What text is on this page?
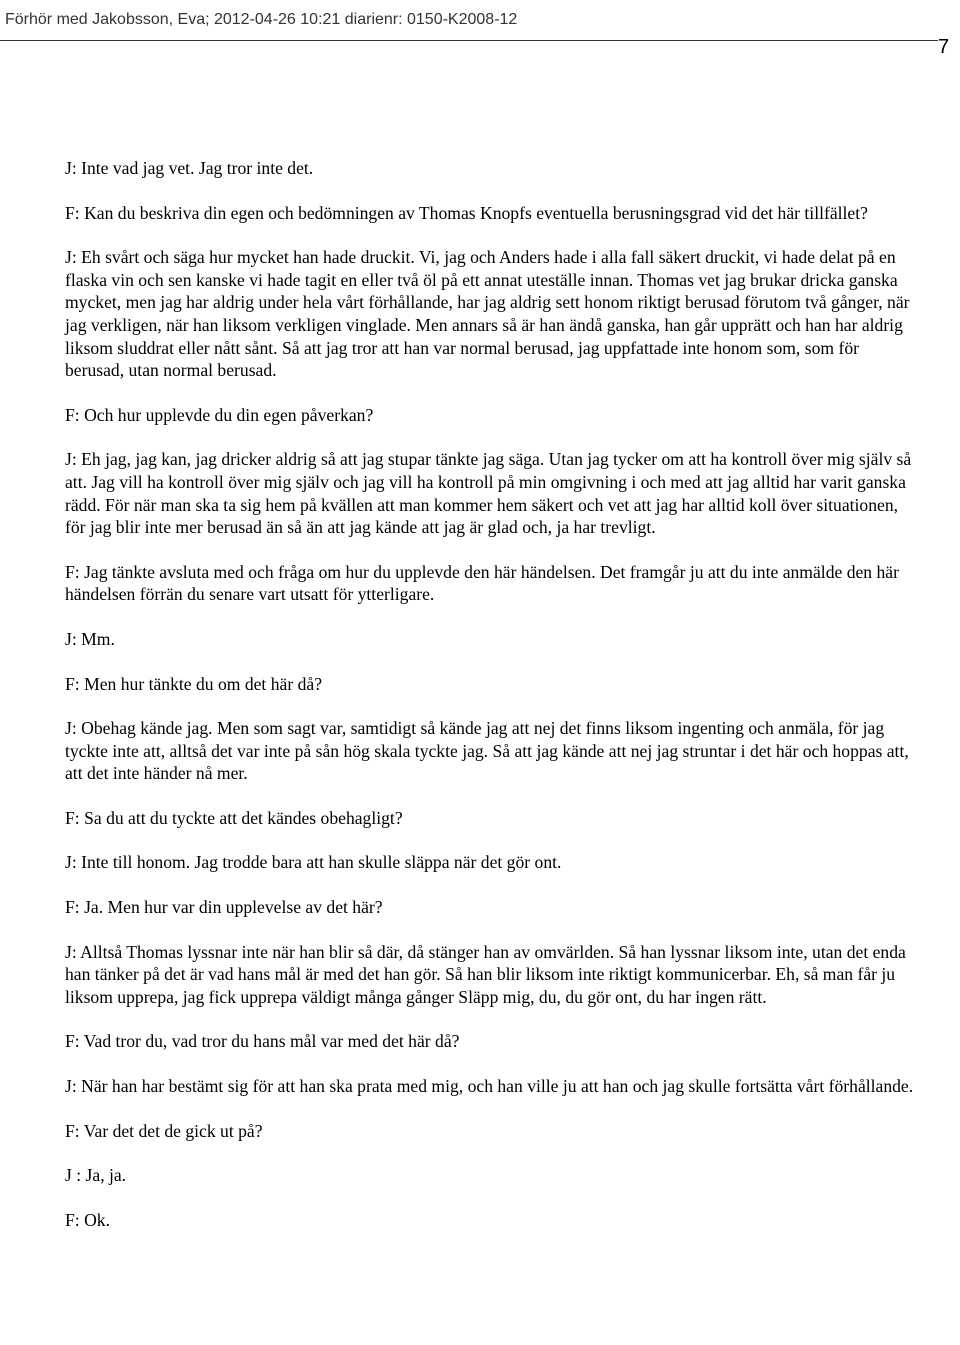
Förhör med Jakobsson, Eva; 2012-04-26 10:21 diarienr: 0150-K2008-12
7

J: Inte vad jag vet. Jag tror inte det.

F: Kan du beskriva din egen och bedömningen av Thomas Knopfs eventuella berusningsgrad vid det här tillfället?

J: Eh svårt och säga hur mycket han hade druckit. Vi, jag och Anders hade i alla fall säkert druckit, vi hade delat på en flaska vin och sen kanske vi hade tagit en eller två öl på ett annat uteställe innan. Thomas vet jag brukar dricka ganska mycket, men jag har aldrig under hela vårt förhållande, har jag aldrig sett honom riktigt berusad förutom två gånger, när jag verkligen, när han liksom verkligen vinglade. Men annars så är han ändå ganska, han går upprätt och han har aldrig liksom sluddrat eller nått sånt. Så att jag tror att han var normal berusad, jag uppfattade inte honom som, som för berusad, utan normal berusad.

F: Och hur upplevde du din egen påverkan?

J: Eh jag, jag kan, jag dricker aldrig så att jag stupar tänkte jag säga. Utan jag tycker om att ha kontroll över mig själv så att. Jag vill ha kontroll över mig själv och jag vill ha kontroll på min omgivning i och med att jag alltid har varit ganska rädd. För när man ska ta sig hem på kvällen att man kommer hem säkert och vet att jag har alltid koll över situationen, för jag blir inte mer berusad än så än att jag kände att jag är glad och, ja har trevligt.

F: Jag tänkte avsluta med och fråga om hur du upplevde den här händelsen. Det framgår ju att du inte anmälde den här händelsen förrän du senare vart utsatt för ytterligare.

J: Mm.

F: Men hur tänkte du om det här då?

J: Obehag kände jag. Men som sagt var, samtidigt så kände jag att nej det finns liksom ingenting och anmäla, för jag tyckte inte att, alltså det var inte på sån hög skala tyckte jag. Så att jag kände att nej jag struntar i det här och hoppas att, att det inte händer nå mer.

F: Sa du att du tyckte att det kändes obehagligt?

J: Inte till honom. Jag trodde bara att han skulle släppa när det gör ont.

F: Ja. Men hur var din upplevelse av det här?

J: Alltså Thomas lyssnar inte när han blir så där, då stänger han av omvärlden. Så han lyssnar liksom inte, utan det enda han tänker på det är vad hans mål är med det han gör. Så han blir liksom inte riktigt kommunicerbar. Eh, så man får ju liksom upprepa, jag fick upprepa väldigt många gånger Släpp mig, du, du gör ont, du har ingen rätt.

F: Vad tror du, vad tror du hans mål var med det här då?

J: När han har bestämt sig för att han ska prata med mig, och han ville ju att han och jag skulle fortsätta vårt förhållande.

F: Var det det de gick ut på?

J : Ja, ja.

F: Ok.
